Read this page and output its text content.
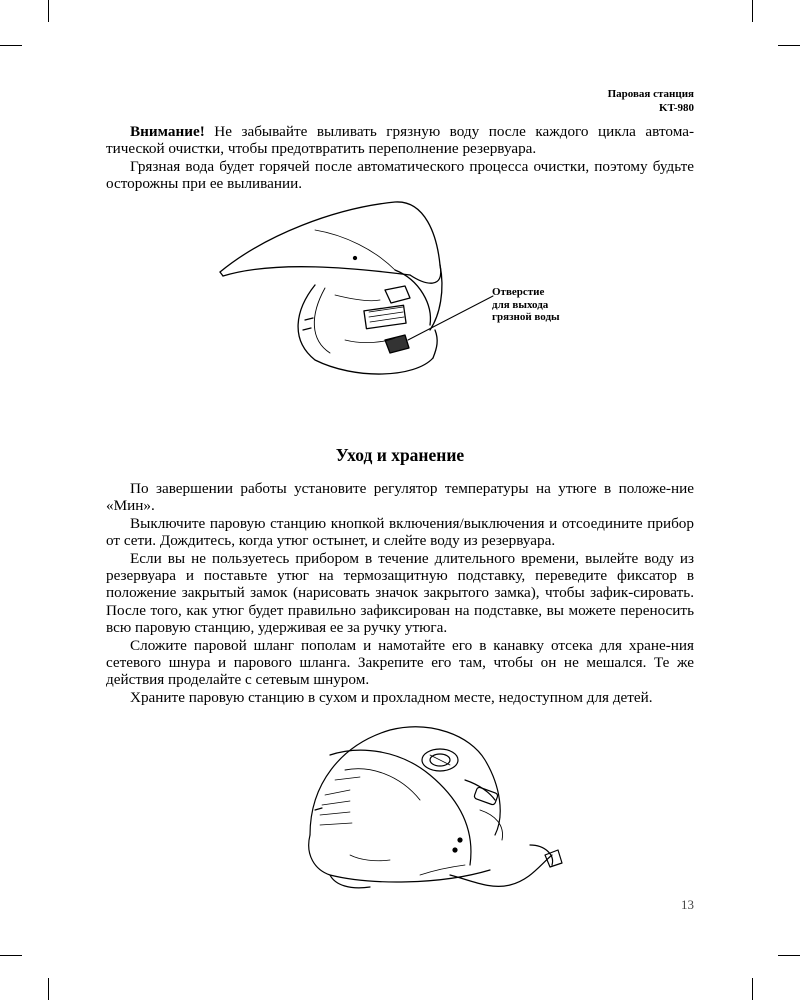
Паровая станция
KT-980

Внимание! Не забывайте выливать грязную воду после каждого цикла автома-тической очистки, чтобы предотвратить переполнение резервуара.

Грязная вода будет горячей после автоматического процесса очистки, поэтому будьте осторожны при ее выливании.

Отверстие
для выхода
грязной воды
Уход и хранение

По завершении работы установите регулятор температуры на утюге в положе-ние «Мин».

Выключите паровую станцию кнопкой включения/выключения и отсоедините прибор от сети. Дождитесь, когда утюг остынет, и слейте воду из резервуара.

Если вы не пользуетесь прибором в течение длительного времени, вылейте воду из резервуара и поставьте утюг на термозащитную подставку, переведите фиксатор в положение закрытый замок (нарисовать значок закрытого замка), чтобы зафик-сировать. После того, как утюг будет правильно зафиксирован на подставке, вы можете переносить всю паровую станцию, удерживая ее за ручку утюга.

Сложите паровой шланг пополам и намотайте его в канавку отсека для хране-ния сетевого шнура и парового шланга. Закрепите его там, чтобы он не мешался. Те же действия проделайте с сетевым шнуром.

Храните паровую станцию в сухом и прохладном месте, недоступном для детей.

13
